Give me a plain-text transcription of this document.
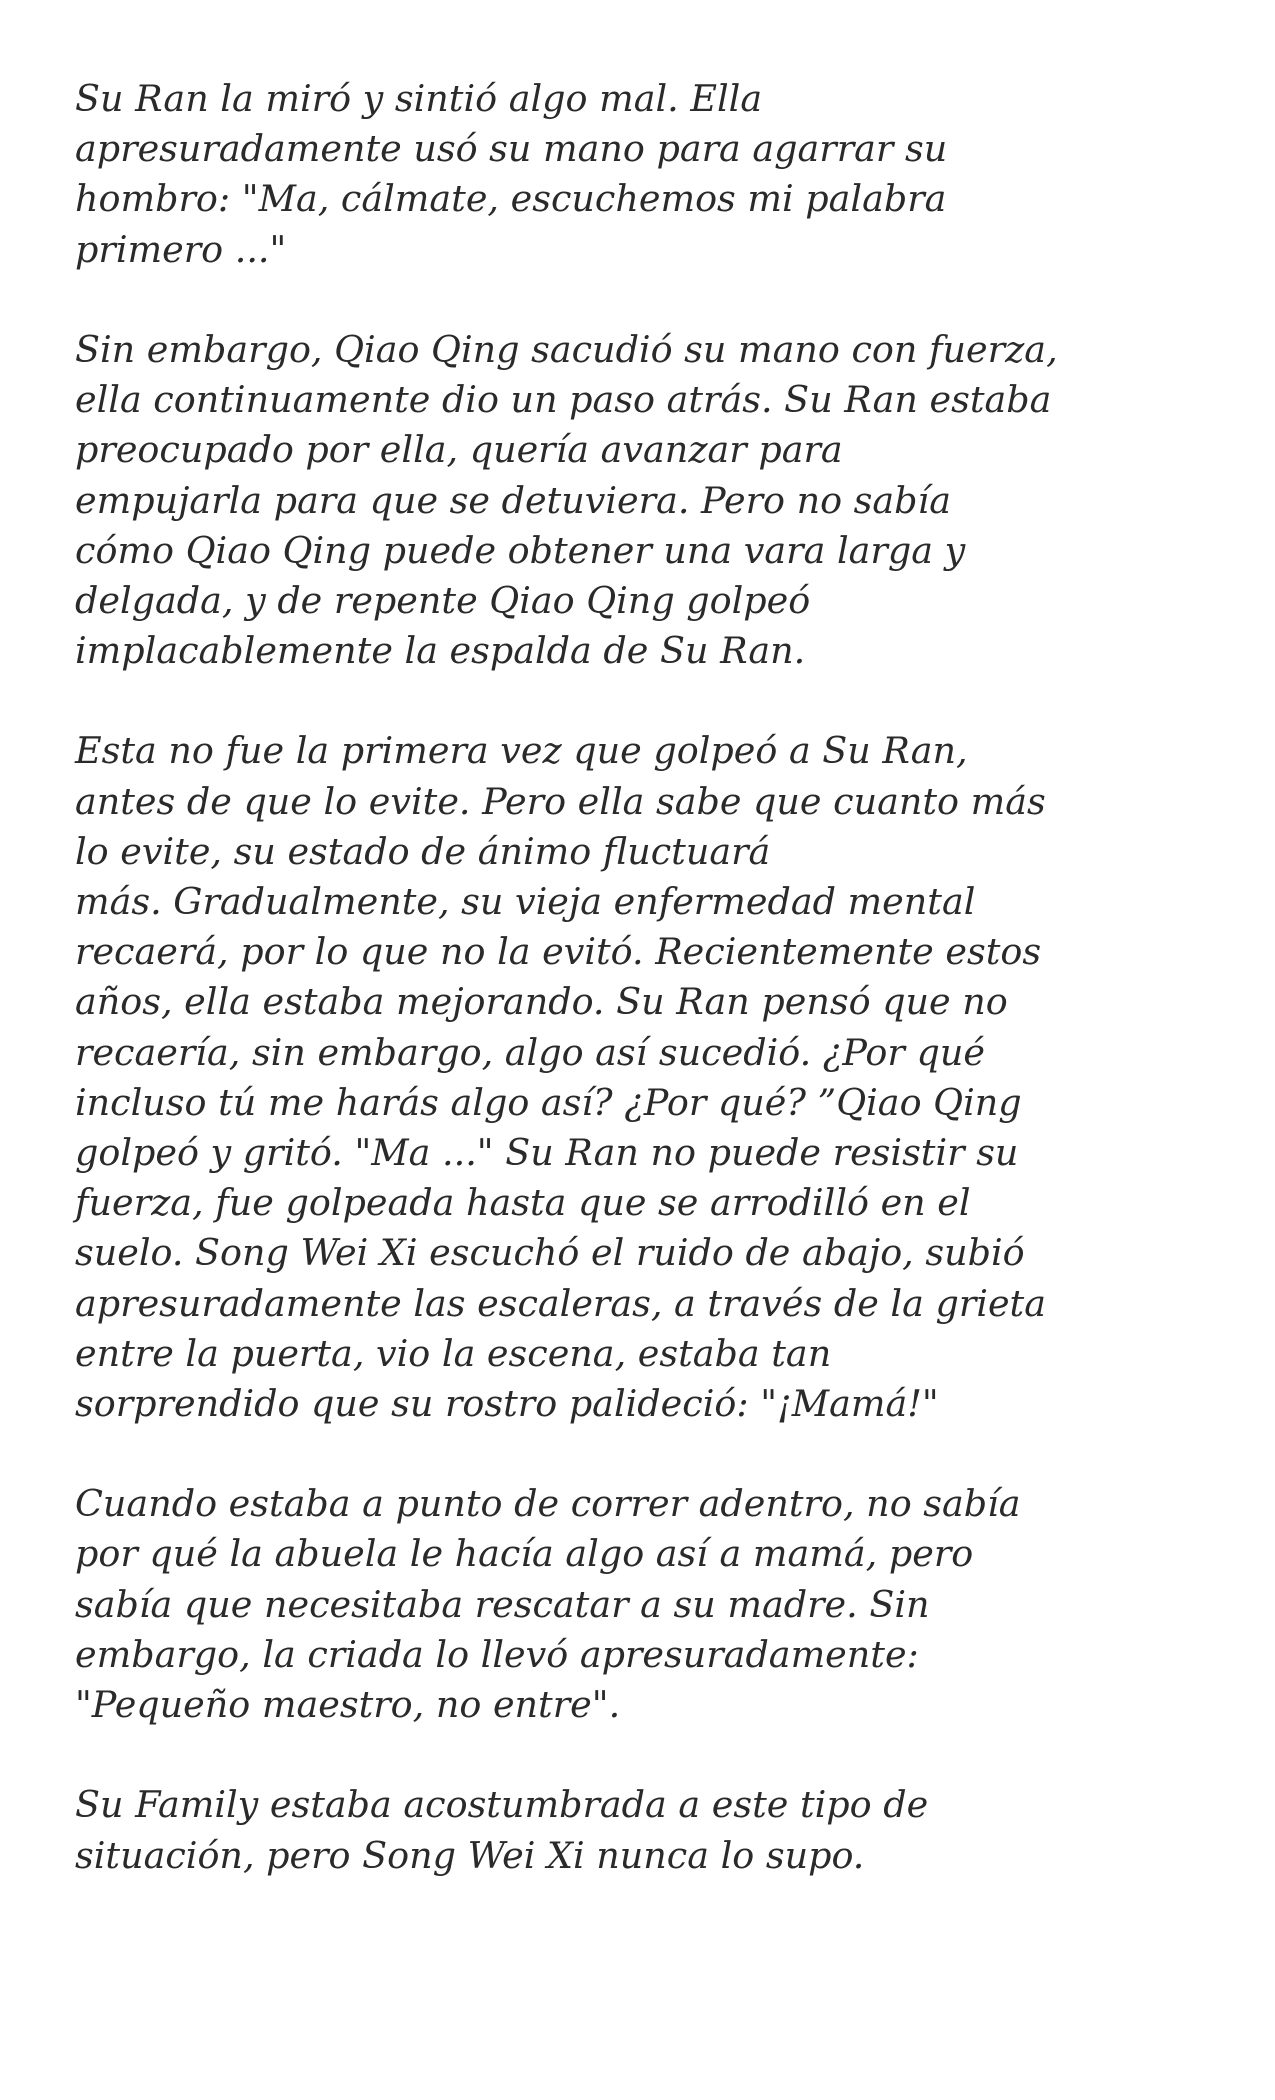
Su Ran la miró y sintió algo mal. Ella
apresuradamente usó su mano para agarrar su
hombro: "Ma, cálmate, escuchemos mi palabra
primero ..."
Sin embargo, Qiao Qing sacudió su mano con fuerza,
ella continuamente dio un paso atrás. Su Ran estaba
preocupado por ella, quería avanzar para
empujarla para que se detuviera. Pero no sabía
cómo Qiao Qing puede obtener una vara larga y
delgada, y de repente Qiao Qing golpeó
implacablemente la espalda de Su Ran.
Esta no fue la primera vez que golpeó a Su Ran,
antes de que lo evite. Pero ella sabe que cuanto más
lo evite, su estado de ánimo fluctuará
más. Gradualmente, su vieja enfermedad mental
recaerá, por lo que no la evitó. Recientemente estos
años, ella estaba mejorando. Su Ran pensó que no
recaería, sin embargo, algo así sucedió. ¿Por qué
incluso tú me harás algo así? ¿Por qué? ”Qiao Qing
golpeó y gritó. "Ma ..." Su Ran no puede resistir su
fuerza, fue golpeada hasta que se arrodilló en el
suelo. Song Wei Xi escuchó el ruido de abajo, subió
apresuradamente las escaleras, a través de la grieta
entre la puerta, vio la escena, estaba tan
sorprendido que su rostro palideció: "¡Mamá!"
Cuando estaba a punto de correr adentro, no sabía
por qué la abuela le hacía algo así a mamá, pero
sabía que necesitaba rescatar a su madre. Sin
embargo, la criada lo llevó apresuradamente:
"Pequeño maestro, no entre".
Su Family estaba acostumbrada a este tipo de
situación, pero Song Wei Xi nunca lo supo.
